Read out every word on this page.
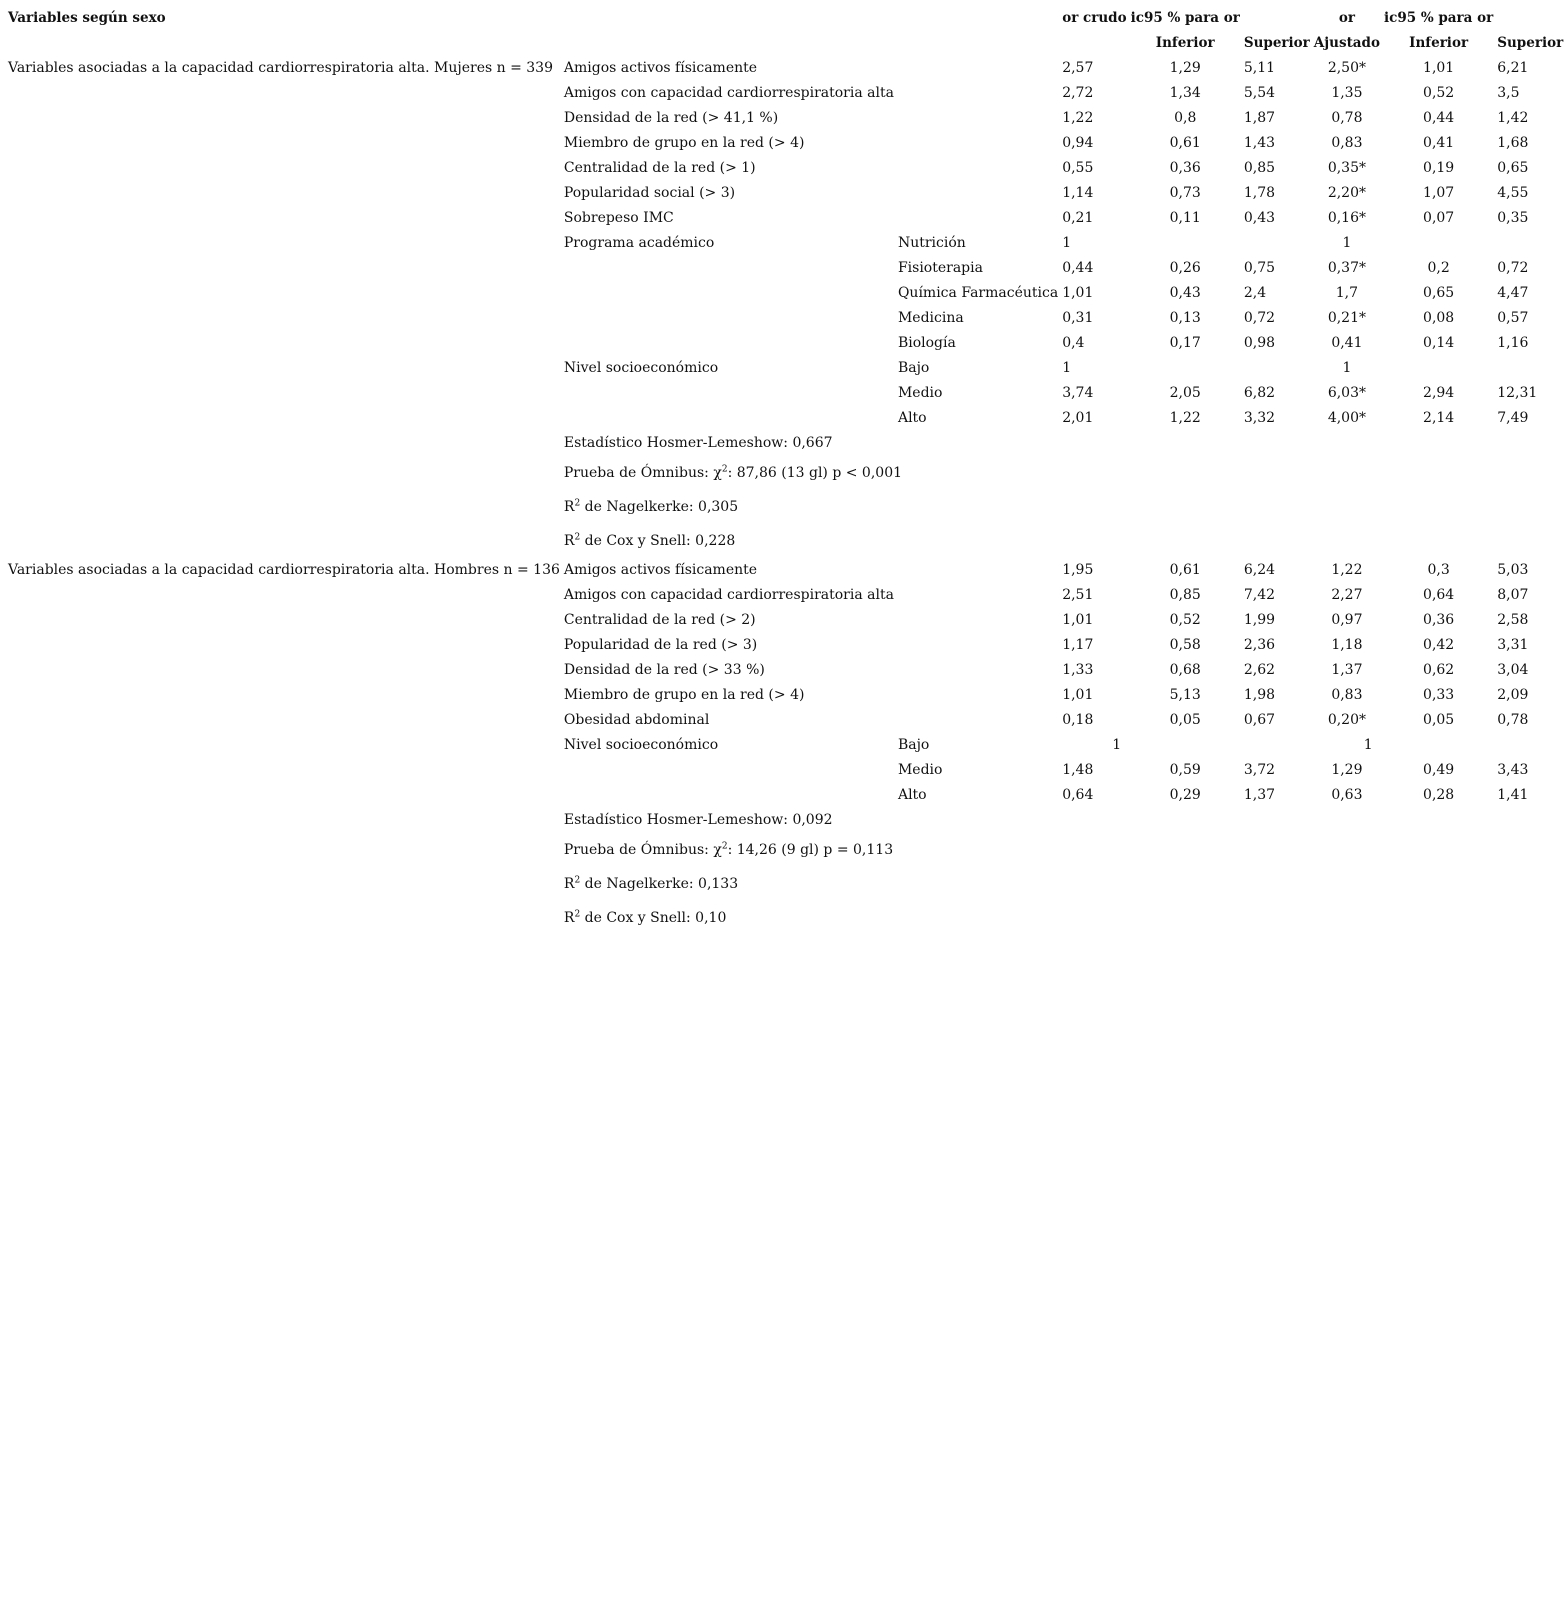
Variables según sexo			or crudo	ic95 % para or		or	ic95 % para or	
				Inferior	Superior	Ajustado	Inferior	Superior
Variables asociadas a la capacidad cardiorrespiratoria alta. Mujeres n = 339	Amigos activos físicamente		2,57	1,29	5,11	2,50*	1,01	6,21
	Amigos con capacidad cardiorrespiratoria alta		2,72	1,34	5,54	1,35	0,52	3,5
	Densidad de la red (> 41,1 %)		1,22	0,8	1,87	0,78	0,44	1,42
	Miembro de grupo en la red (> 4)		0,94	0,61	1,43	0,83	0,41	1,68
	Centralidad de la red (> 1)		0,55	0,36	0,85	0,35*	0,19	0,65
	Popularidad social (> 3)		1,14	0,73	1,78	2,20*	1,07	4,55
	Sobrepeso IMC		0,21	0,11	0,43	0,16*	0,07	0,35
	Programa académico	Nutrición	1			1		
		Fisioterapia	0,44	0,26	0,75	0,37*	0,2	0,72
		Química Farmacéutica	1,01	0,43	2,4	1,7	0,65	4,47
		Medicina	0,31	0,13	0,72	0,21*	0,08	0,57
		Biología	0,4	0,17	0,98	0,41	0,14	1,16
	Nivel socioeconómico	Bajo	1			1		
		Medio	3,74	2,05	6,82	6,03*	2,94	12,31
		Alto	2,01	1,22	3,32	4,00*	2,14	7,49
	Estadístico Hosmer-Lemeshow: 0,667							
	Prueba de Ómnibus: $\chi^2$: 87,86 (13 gl) p < 0,001							
	$R^2$ de Nagelkerke: 0,305							
	$R^2$ de Cox y Snell: 0,228							
Variables asociadas a la capacidad cardiorrespiratoria alta. Hombres n = 136	Amigos activos físicamente		1,95	0,61	6,24	1,22	0,3	5,03
	Amigos con capacidad cardiorrespiratoria alta		2,51	0,85	7,42	2,27	0,64	8,07
	Centralidad de la red (> 2)		1,01	0,52	1,99	0,97	0,36	2,58
	Popularidad de la red (> 3)		1,17	0,58	2,36	1,18	0,42	3,31
	Densidad de la red (> 33 %)		1,33	0,68	2,62	1,37	0,62	3,04
	Miembro de grupo en la red (> 4)		1,01	5,13	1,98	0,83	0,33	2,09
	Obesidad abdominal		0,18	0,05	0,67	0,20*	0,05	0,78
	Nivel socioeconómico	Bajo	1			1		
		Medio	1,48	0,59	3,72	1,29	0,49	3,43
		Alto	0,64	0,29	1,37	0,63	0,28	1,41
	Estadístico Hosmer-Lemeshow: 0,092							
	Prueba de Ómnibus: $\chi^2$: 14,26 (9 gl) p = 0,113							
	$R^2$ de Nagelkerke: 0,133							
	$R^2$ de Cox y Snell: 0,10							
